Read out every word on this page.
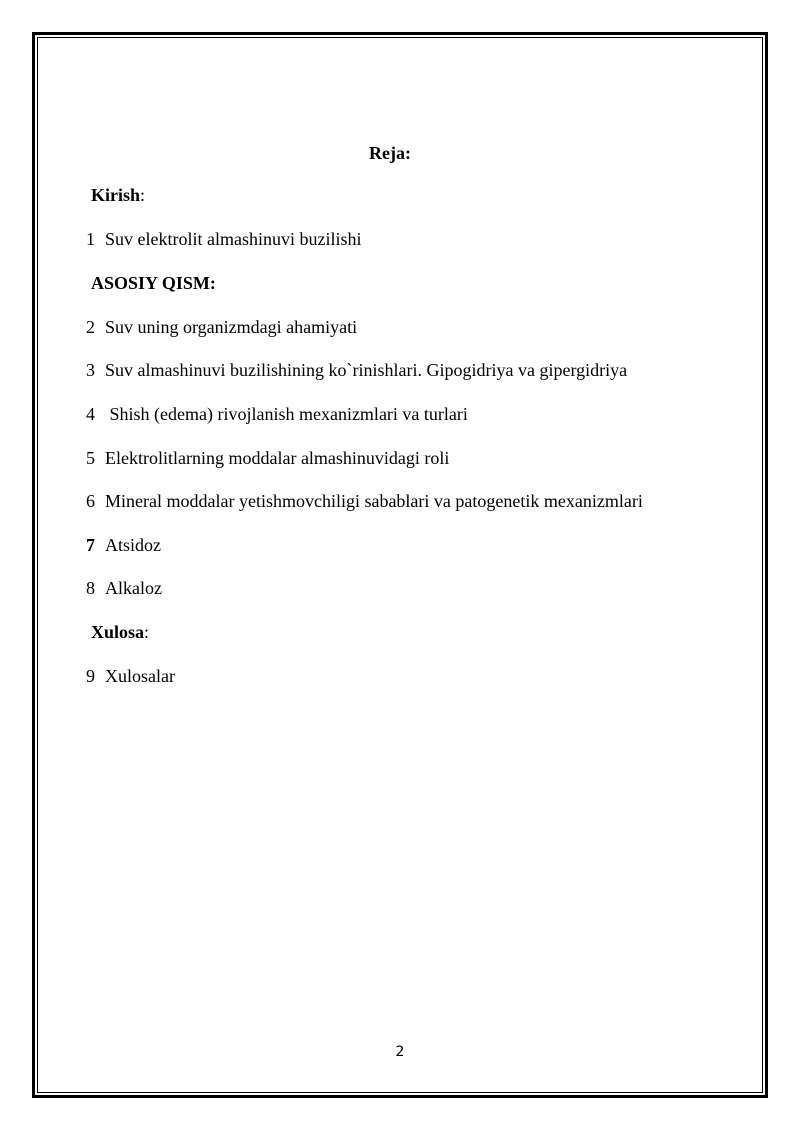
Reja:
Kirish:
1 Suv elektrolit almashinuvi buzilishi
ASOSIY QISM:
2 Suv uning organizmdagi ahamiyati
3 Suv almashinuvi buzilishining ko`rinishlari. Gipogidriya va gipergidriya
4 Shish (edema) rivojlanish mexanizmlari va turlari
5 Elektrolitlarning moddalar almashinuvidagi roli
6 Mineral moddalar yetishmovchiligi sabablari va patogenetik mexanizmlari
7 Atsidoz
8 Alkaloz
Xulosa:
9 Xulosalar
2
